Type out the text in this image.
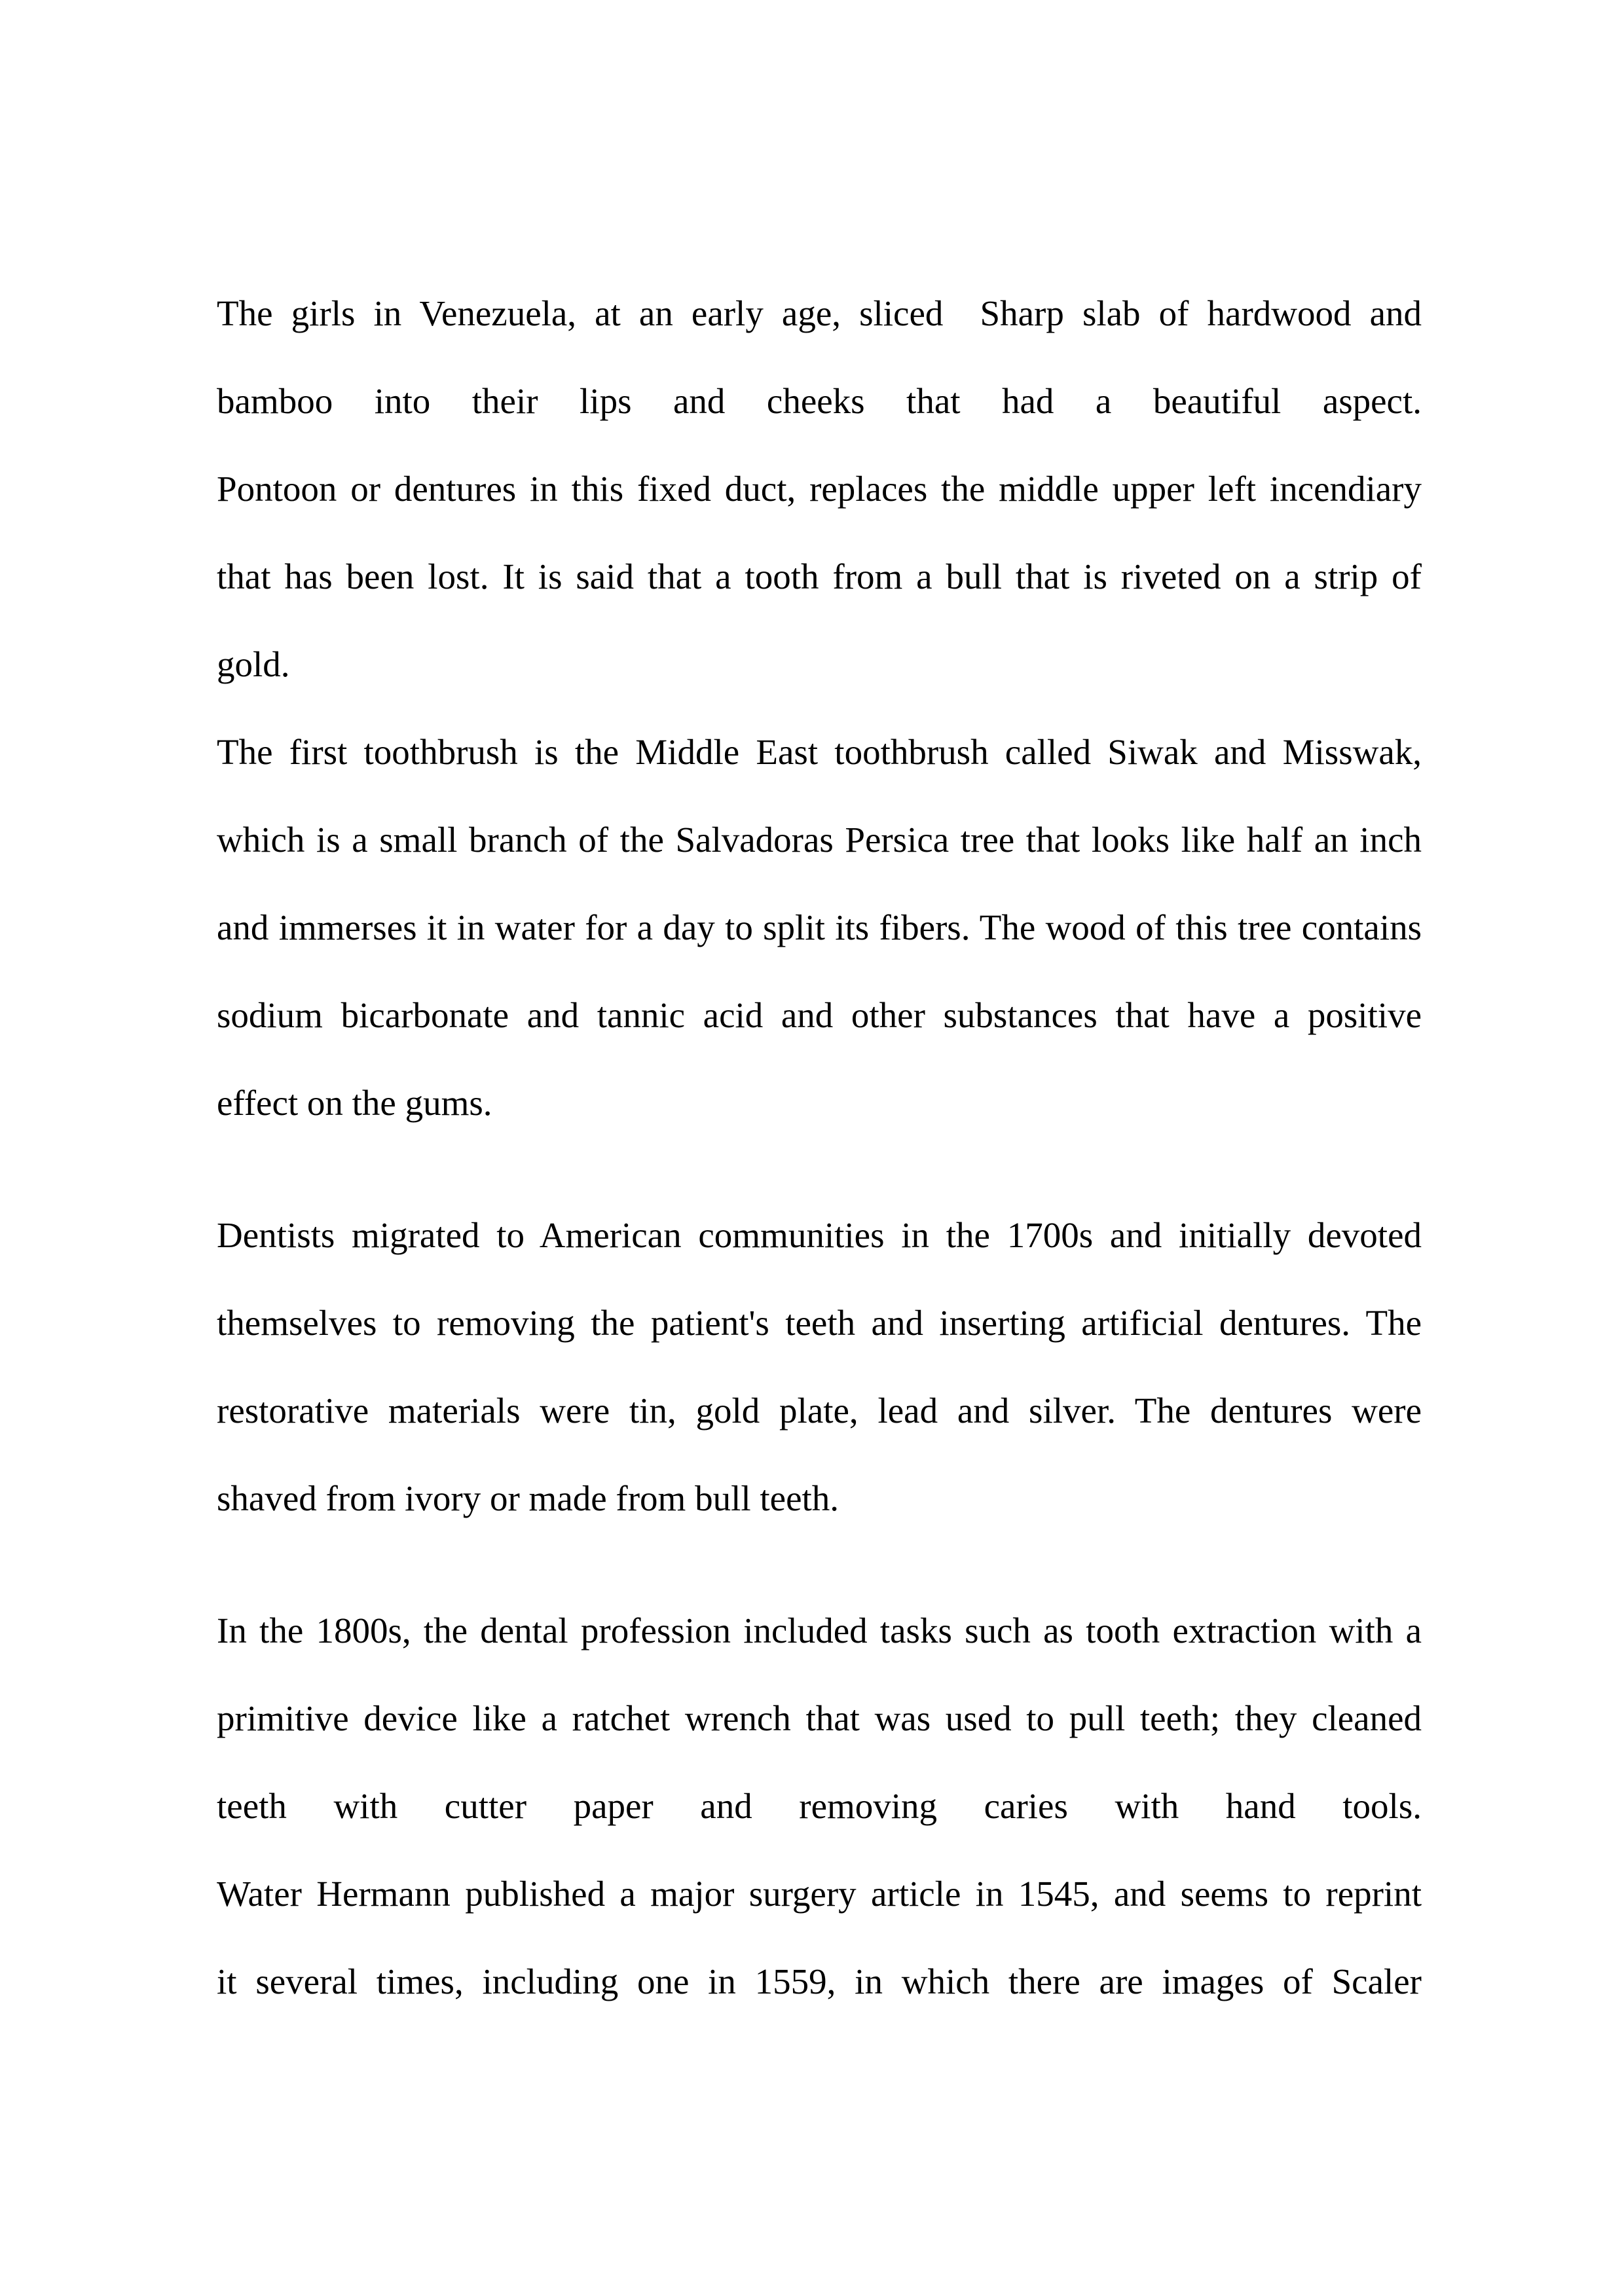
The girls in Venezuela, at an early age, sliced  Sharp slab of hardwood and
bamboo into their lips and cheeks that had a beautiful aspect.
Pontoon or dentures in this fixed duct, replaces the middle upper left incendiary
that has been lost. It is said that a tooth from a bull that is riveted on a strip of
gold.
The first toothbrush is the Middle East toothbrush called Siwak and Misswak,
which is a small branch of the Salvadoras Persica tree that looks like half an inch
and immerses it in water for a day to split its fibers. The wood of this tree contains
sodium bicarbonate and tannic acid and other substances that have a positive
effect on the gums.
Dentists migrated to American communities in the 1700s and initially devoted
themselves to removing the patient's teeth and inserting artificial dentures. The
restorative materials were tin, gold plate, lead and silver. The dentures were
shaved from ivory or made from bull teeth.
In the 1800s, the dental profession included tasks such as tooth extraction with a
primitive device like a ratchet wrench that was used to pull teeth; they cleaned
teeth with cutter paper and removing caries with hand tools.
Water Hermann published a major surgery article in 1545, and seems to reprint
it several times, including one in 1559, in which there are images of Scaler
